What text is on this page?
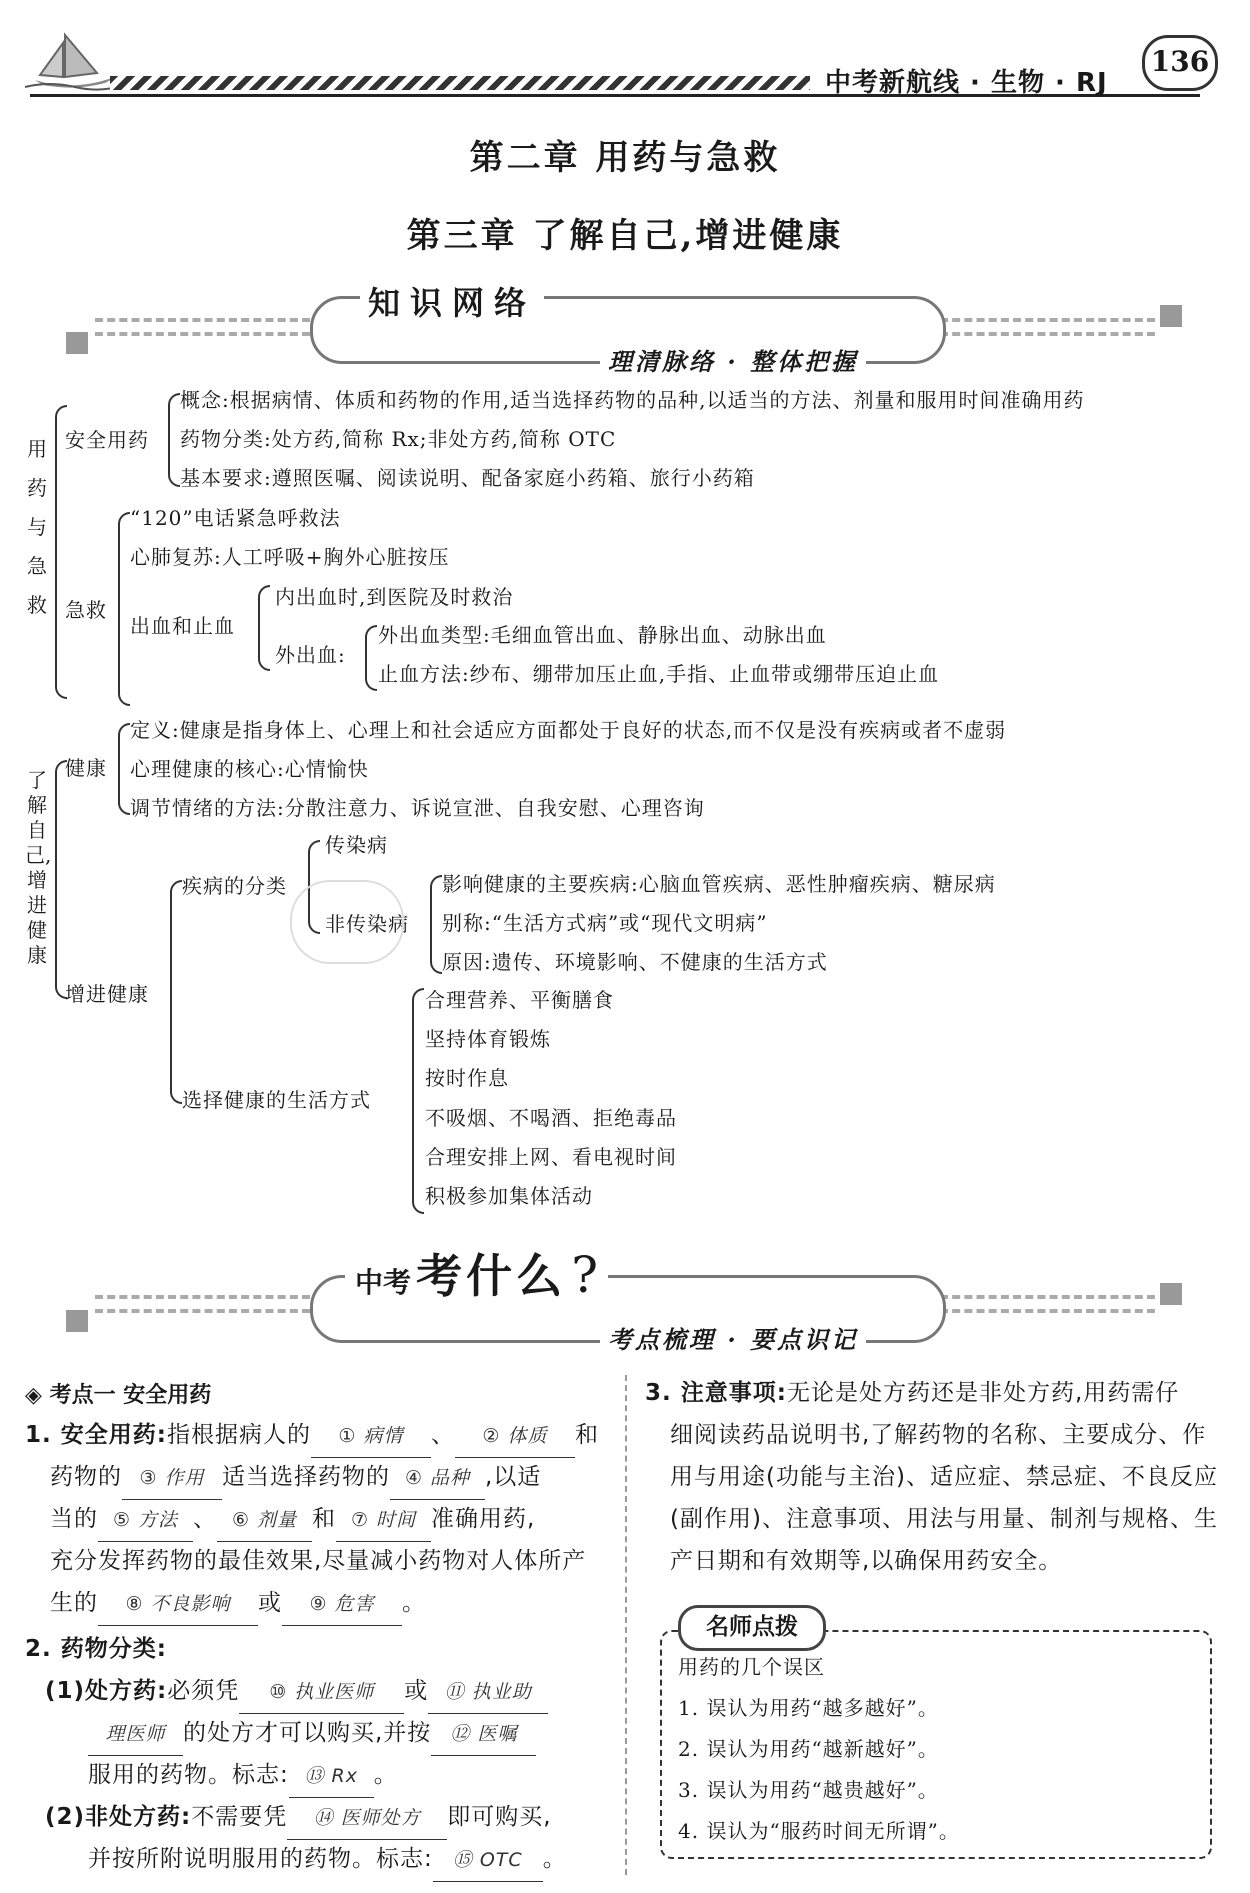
中考新航线 · 生物 · RJ
136
第二章 用药与急救
第三章 了解自己,增进健康
知识网络
理清脉络 · 整体把握
用药与急救
安全用药
概念:根据病情、体质和药物的作用,适当选择药物的品种,以适当的方法、剂量和服用时间准确用药
药物分类:处方药,简称 Rx;非处方药,简称 OTC
基本要求:遵照医嘱、阅读说明、配备家庭小药箱、旅行小药箱
急救
“120”电话紧急呼救法
心肺复苏:人工呼吸+胸外心脏按压
出血和止血
内出血时,到医院及时救治
外出血:
外出血类型:毛细血管出血、静脉出血、动脉出血
止血方法:纱布、绷带加压止血,手指、止血带或绷带压迫止血
了解自己,增进健康
健康
定义:健康是指身体上、心理上和社会适应方面都处于良好的状态,而不仅是没有疾病或者不虚弱
心理健康的核心:心情愉快
调节情绪的方法:分散注意力、诉说宣泄、自我安慰、心理咨询
增进健康
疾病的分类
传染病
非传染病
影响健康的主要疾病:心脑血管疾病、恶性肿瘤疾病、糖尿病
别称:“生活方式病”或“现代文明病”
原因:遗传、环境影响、不健康的生活方式
选择健康的生活方式
合理营养、平衡膳食
坚持体育锻炼
按时作息
不吸烟、不喝酒、拒绝毒品
合理安排上网、看电视时间
积极参加集体活动
中考 考什么 ?
考点梳理 · 要点识记
◈ 考点一 安全用药
1. 安全用药:指根据病人的 ① 病情 、 ② 体质 和
药物的 ③ 作用 适当选择药物的 ④ 品种 ,以适
当的 ⑤ 方法 、 ⑥ 剂量 和 ⑦ 时间 准确用药,
充分发挥药物的最佳效果,尽量减小药物对人体所产
生的 ⑧ 不良影响 或 ⑨ 危害 。
2. 药物分类:
(1)处方药:必须凭 ⑩ 执业医师 或 ⑪ 执业助
理医师 的处方才可以购买,并按 ⑫ 医嘱
服用的药物。标志: ⑬ Rx 。
(2)非处方药:不需要凭 ⑭ 医师处方 即可购买,
并按所附说明服用的药物。标志: ⑮ OTC 。
3. 注意事项:无论是处方药还是非处方药,用药需仔
细阅读药品说明书,了解药物的名称、主要成分、作
用与用途(功能与主治)、适应症、禁忌症、不良反应
(副作用)、注意事项、用法与用量、制剂与规格、生
产日期和有效期等,以确保用药安全。
名师点拨
用药的几个误区
1. 误认为用药“越多越好”。
2. 误认为用药“越新越好”。
3. 误认为用药“越贵越好”。
4. 误认为“服药时间无所谓”。
